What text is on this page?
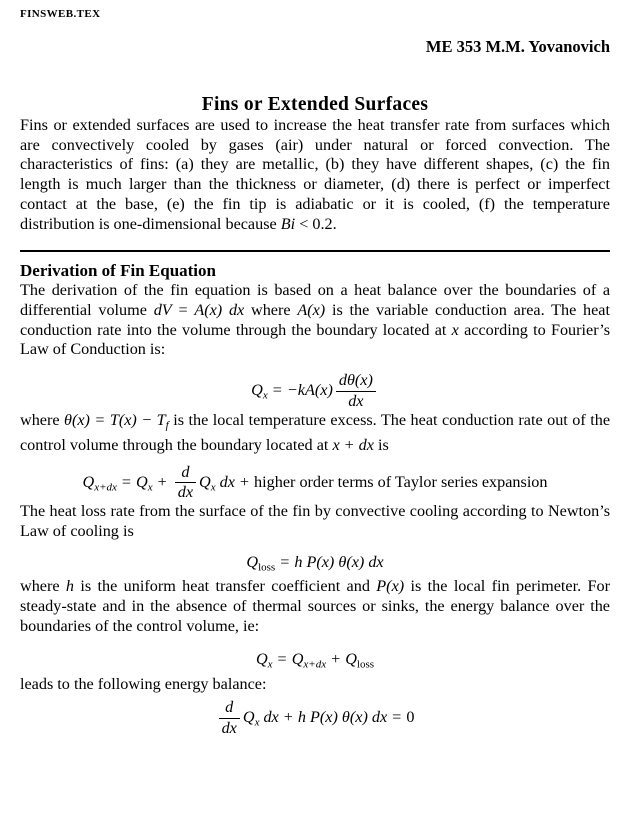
FINSWEB.TEX
ME 353 M.M. Yovanovich
Fins or Extended Surfaces

Fins or extended surfaces are used to increase the heat transfer rate from surfaces which are convectively cooled by gases (air) under natural or forced convection. The characteristics of fins: (a) they are metallic, (b) they have different shapes, (c) the fin length is much larger than the thickness or diameter, (d) there is perfect or imperfect contact at the base, (e) the fin tip is adiabatic or it is cooled, (f) the temperature distribution is one-dimensional because Bi < 0.2.

Derivation of Fin Equation

The derivation of the fin equation is based on a heat balance over the boundaries of a differential volume dV = A(x) dx where A(x) is the variable conduction area. The heat conduction rate into the volume through the boundary located at x according to Fourier’s Law of Conduction is:

$Q_x = -kA(x) \frac{d\theta(x)}{dx}$

where $\theta(x) = T(x) - T_f$ is the local temperature excess. The heat conduction rate out of the control volume through the boundary located at x + dx is

$Q_{x+dx} = Q_x + \frac{d}{dx} Q_x$ dx + higher order terms of Taylor series expansion

The heat loss rate from the surface of the fin by convective cooling according to Newton’s Law of cooling is

$Q_{loss} = h$ P(x) θ(x) dx

where h is the uniform heat transfer coefficient and P(x) is the local fin perimeter. For steady-state and in the absence of thermal sources or sinks, the energy balance over the boundaries of the control volume, ie:

$Q_x = Q_{x+dx} + Q_{loss}$

leads to the following energy balance:

$\frac{d}{dx} Q_x$ dx + h P(x) θ(x) dx = 0
